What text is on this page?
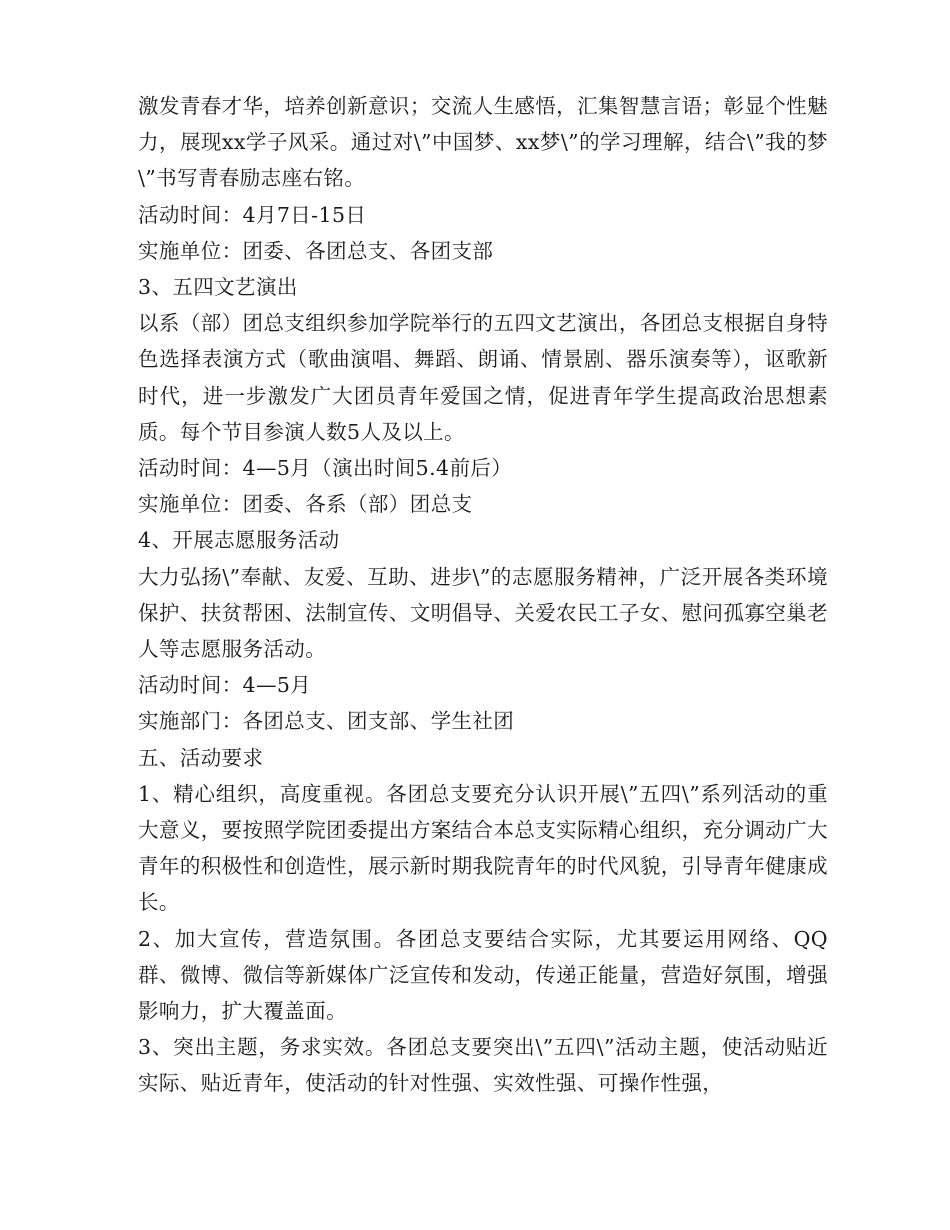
激发青春才华，培养创新意识；交流人生感悟，汇集智慧言语；彰显个性魅力，展现xx学子风采。通过对\”中国梦、xx梦\”的学习理解，结合\”我的梦\”书写青春励志座右铭。

活动时间：4月7日-15日

实施单位：团委、各团总支、各团支部

3、五四文艺演出

以系（部）团总支组织参加学院举行的五四文艺演出，各团总支根据自身特色选择表演方式（歌曲演唱、舞蹈、朗诵、情景剧、器乐演奏等），讴歌新时代，进一步激发广大团员青年爱国之情，促进青年学生提高政治思想素质。每个节目参演人数5人及以上。

活动时间：4—5月（演出时间5.4前后）

实施单位：团委、各系（部）团总支

4、开展志愿服务活动

大力弘扬\”奉献、友爱、互助、进步\”的志愿服务精神，广泛开展各类环境保护、扶贫帮困、法制宣传、文明倡导、关爱农民工子女、慰问孤寡空巢老人等志愿服务活动。

活动时间：4—5月

实施部门：各团总支、团支部、学生社团

五、活动要求

1、精心组织，高度重视。各团总支要充分认识开展\”五四\”系列活动的重大意义，要按照学院团委提出方案结合本总支实际精心组织，充分调动广大青年的积极性和创造性，展示新时期我院青年的时代风貌，引导青年健康成长。

2、加大宣传，营造氛围。各团总支要结合实际，尤其要运用网络、QQ群、微博、微信等新媒体广泛宣传和发动，传递正能量，营造好氛围，增强影响力，扩大覆盖面。

3、突出主题，务求实效。各团总支要突出\”五四\”活动主题，使活动贴近实际、贴近青年，使活动的针对性强、实效性强、可操作性强，
